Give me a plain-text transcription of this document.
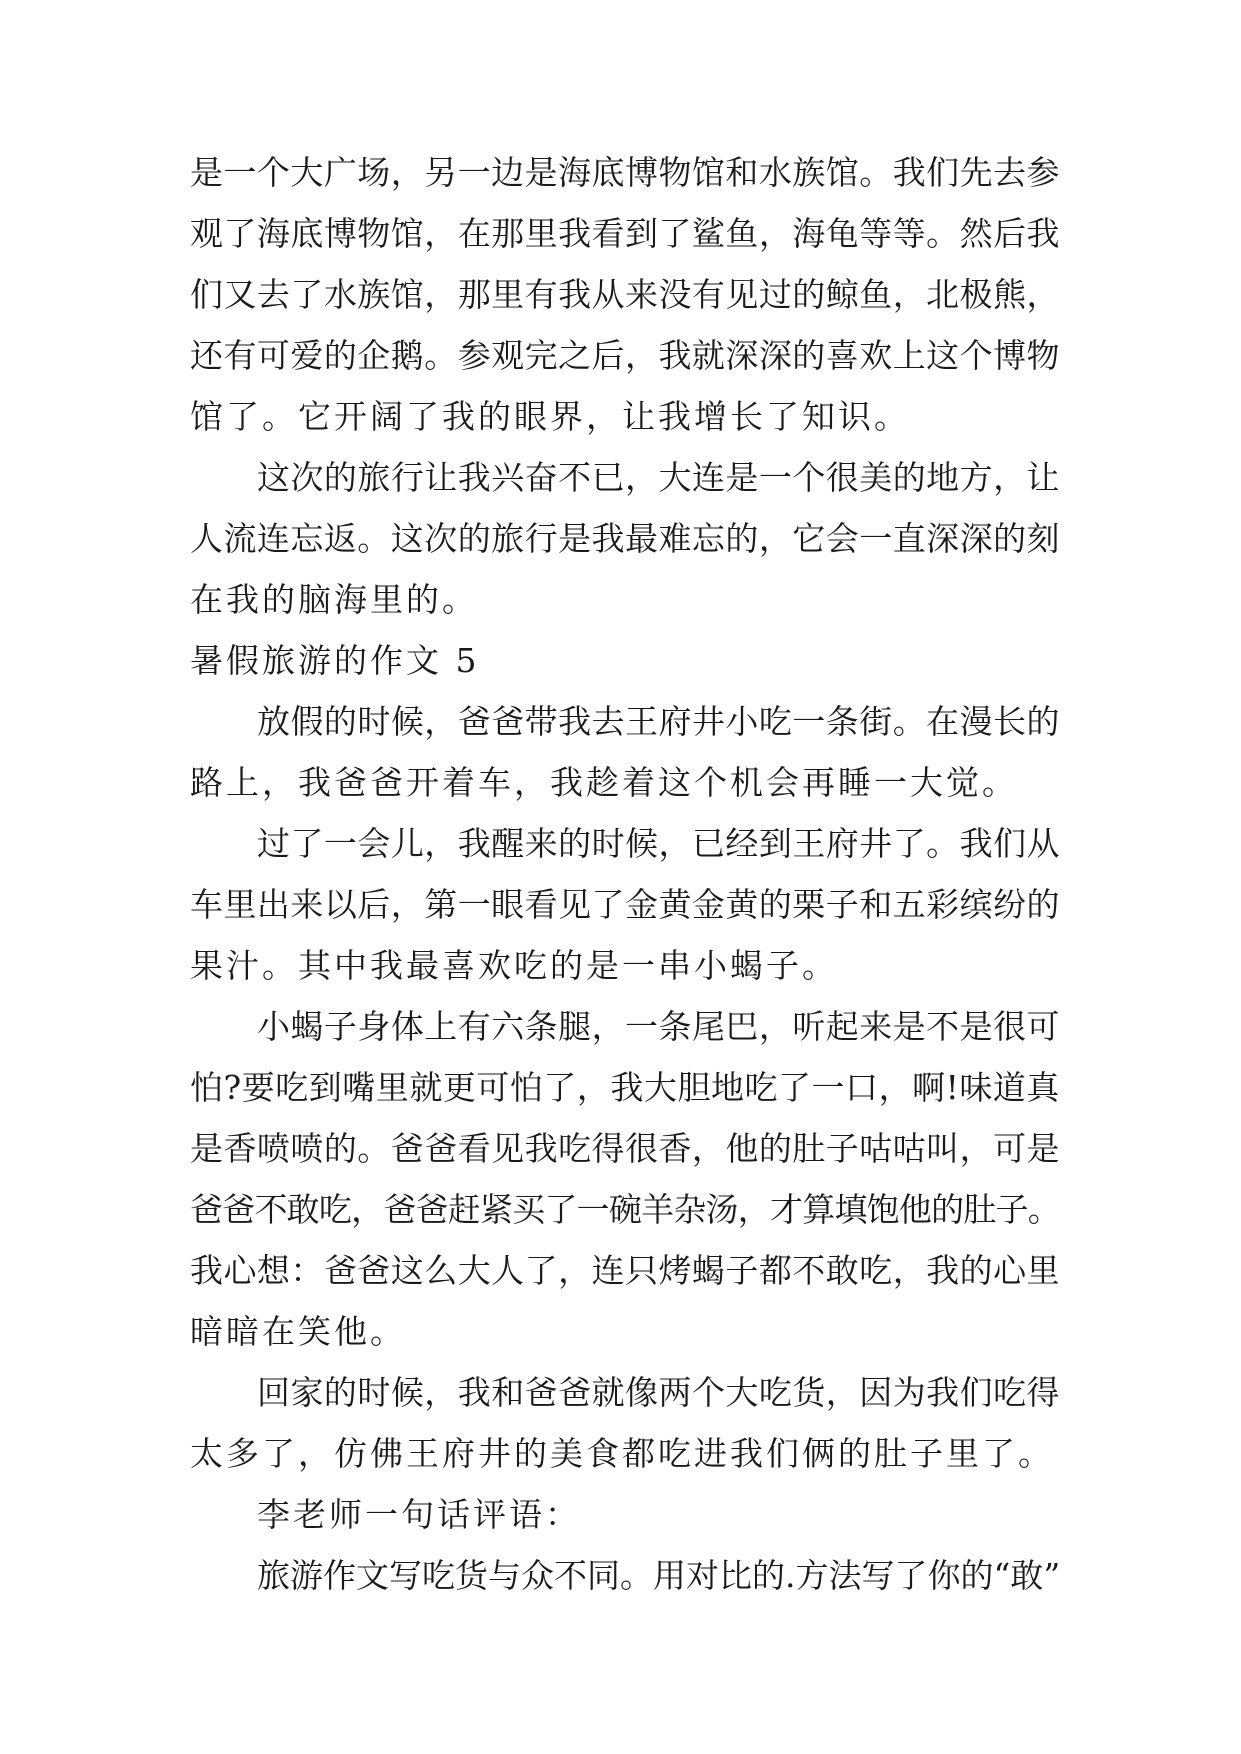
是一个大广场，另一边是海底博物馆和水族馆。我们先去参

观了海底博物馆，在那里我看到了鲨鱼，海龟等等。然后我

们又去了水族馆，那里有我从来没有见过的鲸鱼，北极熊，

还有可爱的企鹅。参观完之后，我就深深的喜欢上这个博物

馆了。它开阔了我的眼界，让我增长了知识。

这次的旅行让我兴奋不已，大连是一个很美的地方，让

人流连忘返。这次的旅行是我最难忘的，它会一直深深的刻

在我的脑海里的。

暑假旅游的作文 5

放假的时候，爸爸带我去王府井小吃一条街。在漫长的

路上，我爸爸开着车，我趁着这个机会再睡一大觉。

过了一会儿，我醒来的时候，已经到王府井了。我们从

车里出来以后，第一眼看见了金黄金黄的栗子和五彩缤纷的

果汁。其中我最喜欢吃的是一串小蝎子。

小蝎子身体上有六条腿，一条尾巴，听起来是不是很可

怕?要吃到嘴里就更可怕了，我大胆地吃了一口，啊!味道真

是香喷喷的。爸爸看见我吃得很香，他的肚子咕咕叫，可是

爸爸不敢吃，爸爸赶紧买了一碗羊杂汤，才算填饱他的肚子。

我心想：爸爸这么大人了，连只烤蝎子都不敢吃，我的心里

暗暗在笑他。

回家的时候，我和爸爸就像两个大吃货，因为我们吃得

太多了，仿佛王府井的美食都吃进我们俩的肚子里了。

李老师一句话评语：

旅游作文写吃货与众不同。用对比的.方法写了你的“敢”
